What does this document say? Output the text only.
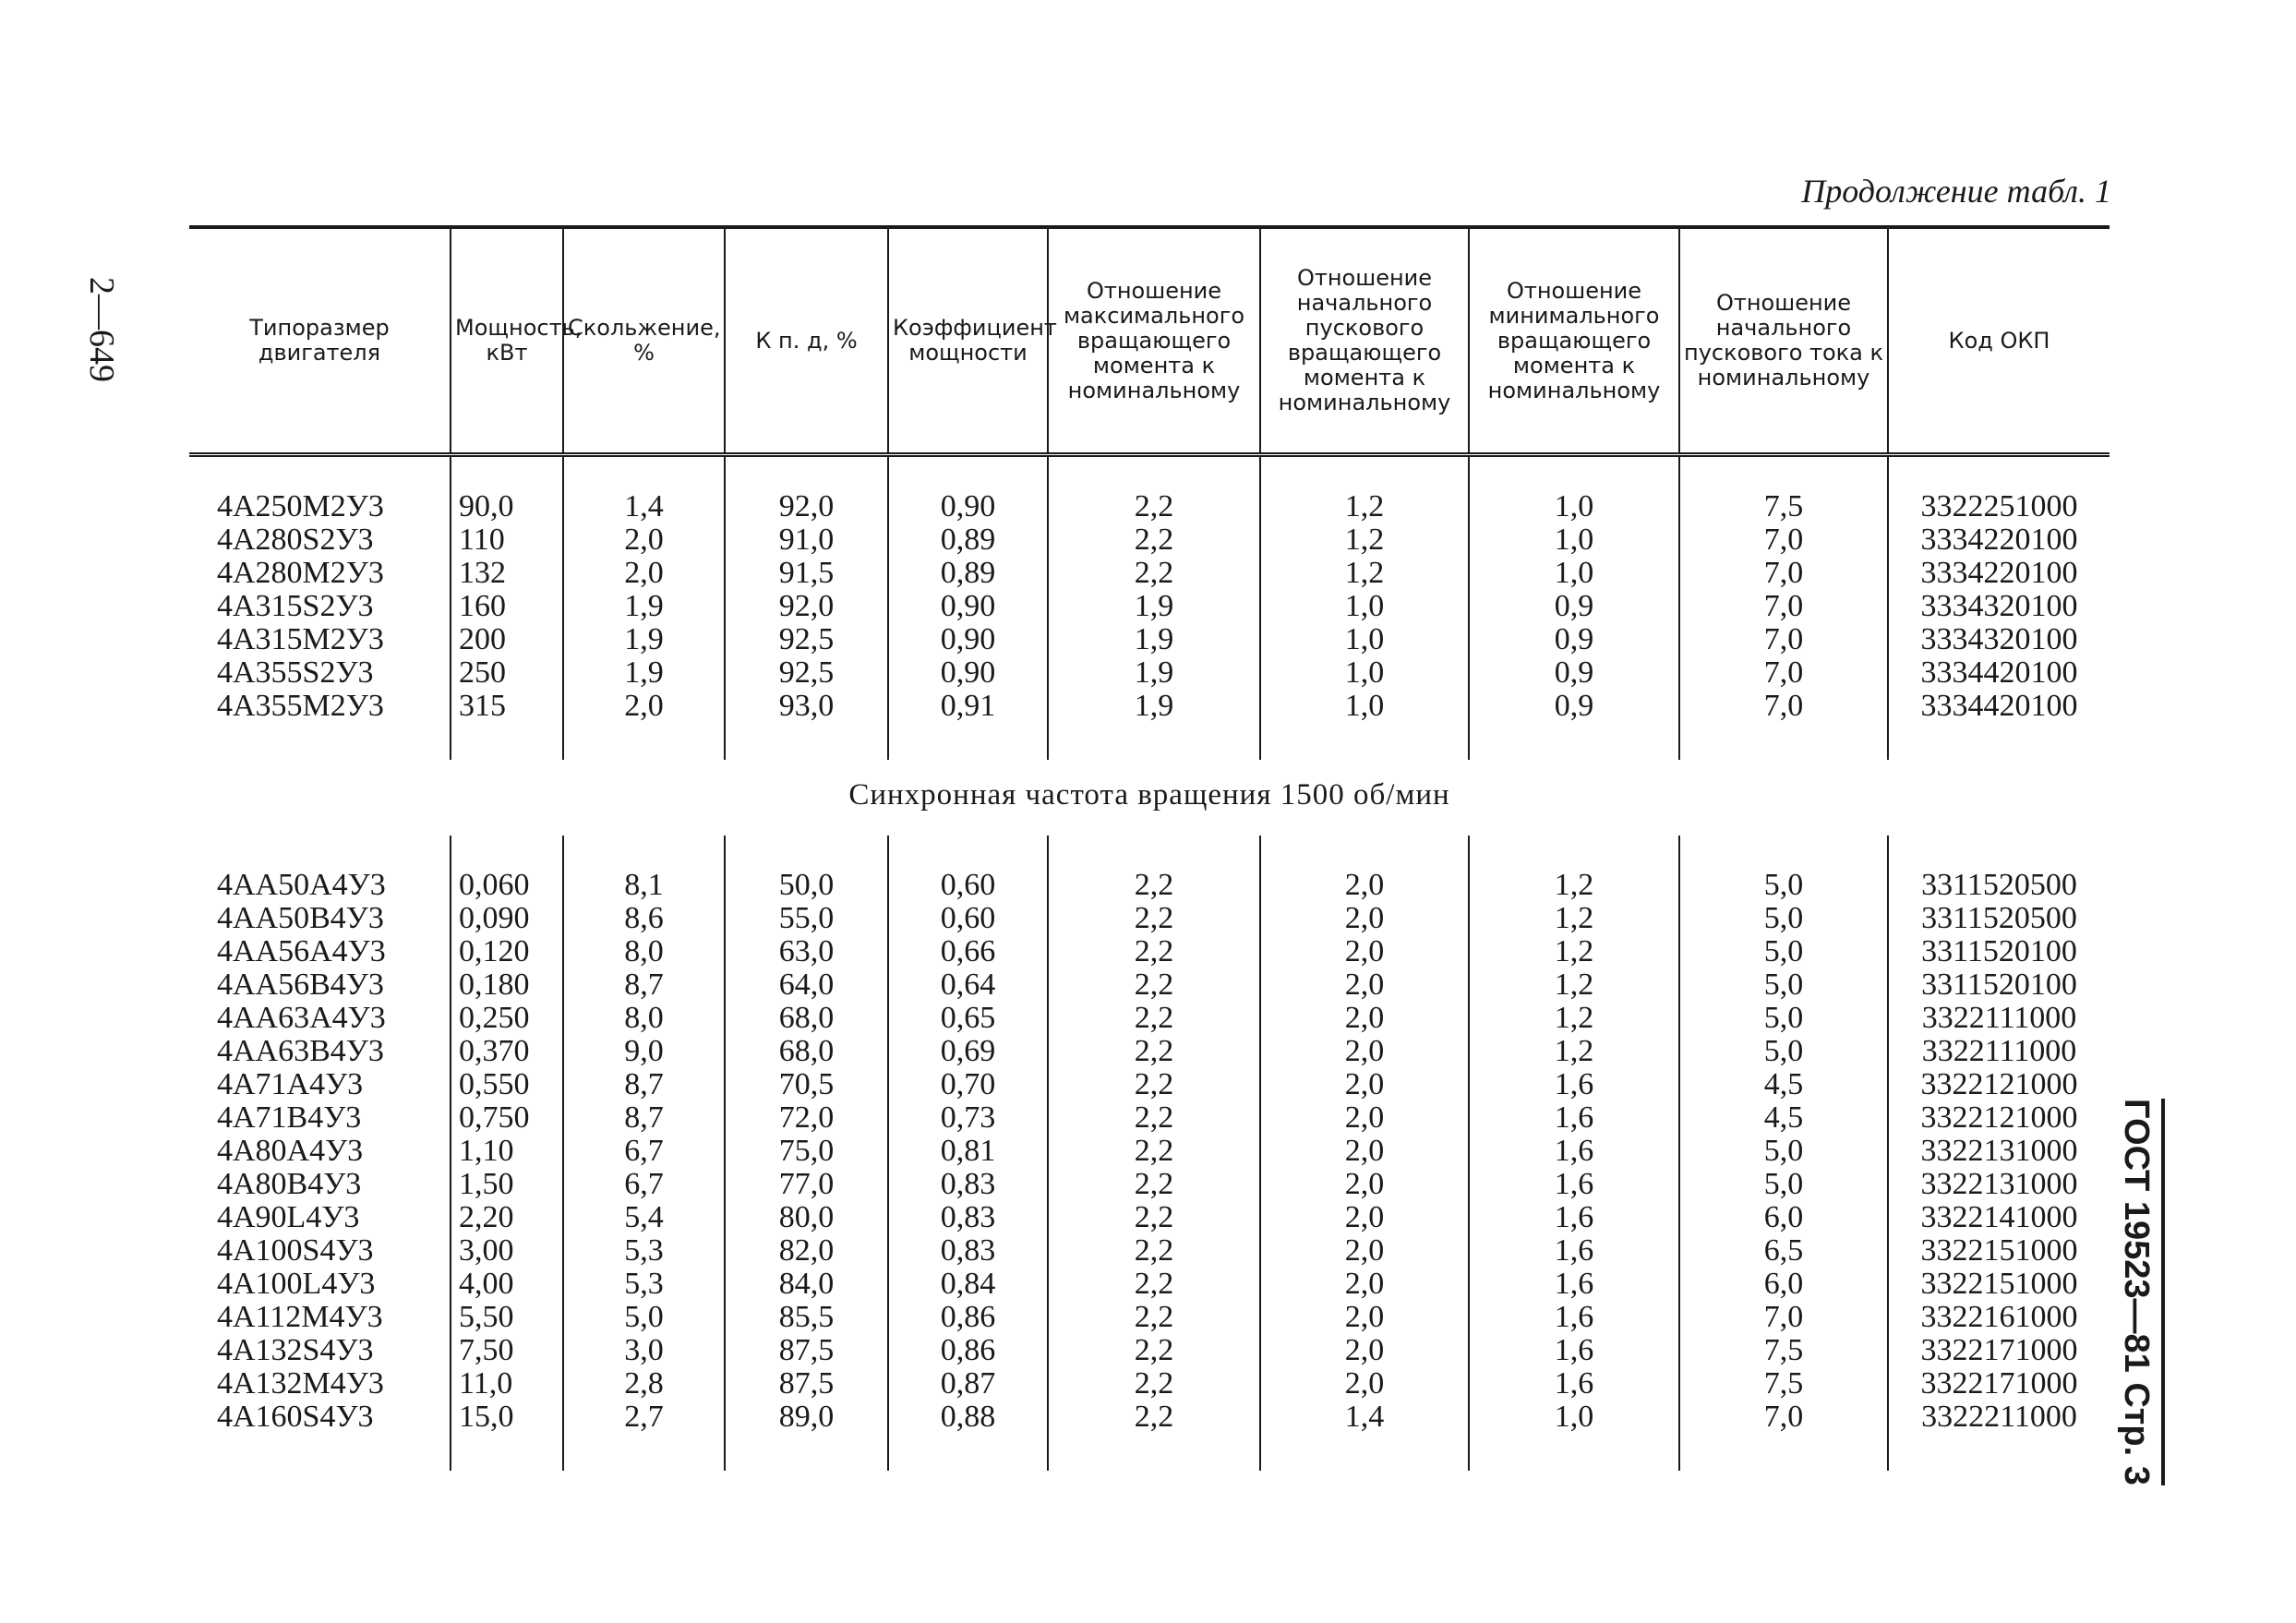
Продолжение табл. 1
2—649
ГОСТ 19523—81 Стр. 3
Типоразмер двигателя	Мощность, кВт	Скольжение, %	К п. д, %	Коэффициент мощности	Отношение максимального вращающего момента к номинальному	Отношение начального пускового вращающего момента к номинальному	Отношение минимального вращающего момента к номинальному	Отношение начального пускового тока к номинальному	Код ОКП
4А250М2У3	90,0	1,4	92,0	0,90	2,2	1,2	1,0	7,5	3322251000
4А280S2У3	110	2,0	91,0	0,89	2,2	1,2	1,0	7,0	3334220100
4А280М2У3	132	2,0	91,5	0,89	2,2	1,2	1,0	7,0	3334220100
4А315S2У3	160	1,9	92,0	0,90	1,9	1,0	0,9	7,0	3334320100
4А315М2У3	200	1,9	92,5	0,90	1,9	1,0	0,9	7,0	3334320100
4А355S2У3	250	1,9	92,5	0,90	1,9	1,0	0,9	7,0	3334420100
4А355М2У3	315	2,0	93,0	0,91	1,9	1,0	0,9	7,0	3334420100
Синхронная частота вращения 1500 об/мин									
4АА50А4У3	0,060	8,1	50,0	0,60	2,2	2,0	1,2	5,0	3311520500
4АА50В4У3	0,090	8,6	55,0	0,60	2,2	2,0	1,2	5,0	3311520500
4АА56А4У3	0,120	8,0	63,0	0,66	2,2	2,0	1,2	5,0	3311520100
4АА56В4У3	0,180	8,7	64,0	0,64	2,2	2,0	1,2	5,0	3311520100
4АА63А4У3	0,250	8,0	68,0	0,65	2,2	2,0	1,2	5,0	3322111000
4АА63В4У3	0,370	9,0	68,0	0,69	2,2	2,0	1,2	5,0	3322111000
4А71А4У3	0,550	8,7	70,5	0,70	2,2	2,0	1,6	4,5	3322121000
4А71В4У3	0,750	8,7	72,0	0,73	2,2	2,0	1,6	4,5	3322121000
4А80А4У3	1,10	6,7	75,0	0,81	2,2	2,0	1,6	5,0	3322131000
4А80В4У3	1,50	6,7	77,0	0,83	2,2	2,0	1,6	5,0	3322131000
4А90L4У3	2,20	5,4	80,0	0,83	2,2	2,0	1,6	6,0	3322141000
4А100S4У3	3,00	5,3	82,0	0,83	2,2	2,0	1,6	6,5	3322151000
4А100L4У3	4,00	5,3	84,0	0,84	2,2	2,0	1,6	6,0	3322151000
4А112М4У3	5,50	5,0	85,5	0,86	2,2	2,0	1,6	7,0	3322161000
4А132S4У3	7,50	3,0	87,5	0,86	2,2	2,0	1,6	7,5	3322171000
4А132М4У3	11,0	2,8	87,5	0,87	2,2	2,0	1,6	7,5	3322171000
4А160S4У3	15,0	2,7	89,0	0,88	2,2	1,4	1,0	7,0	3322211000
